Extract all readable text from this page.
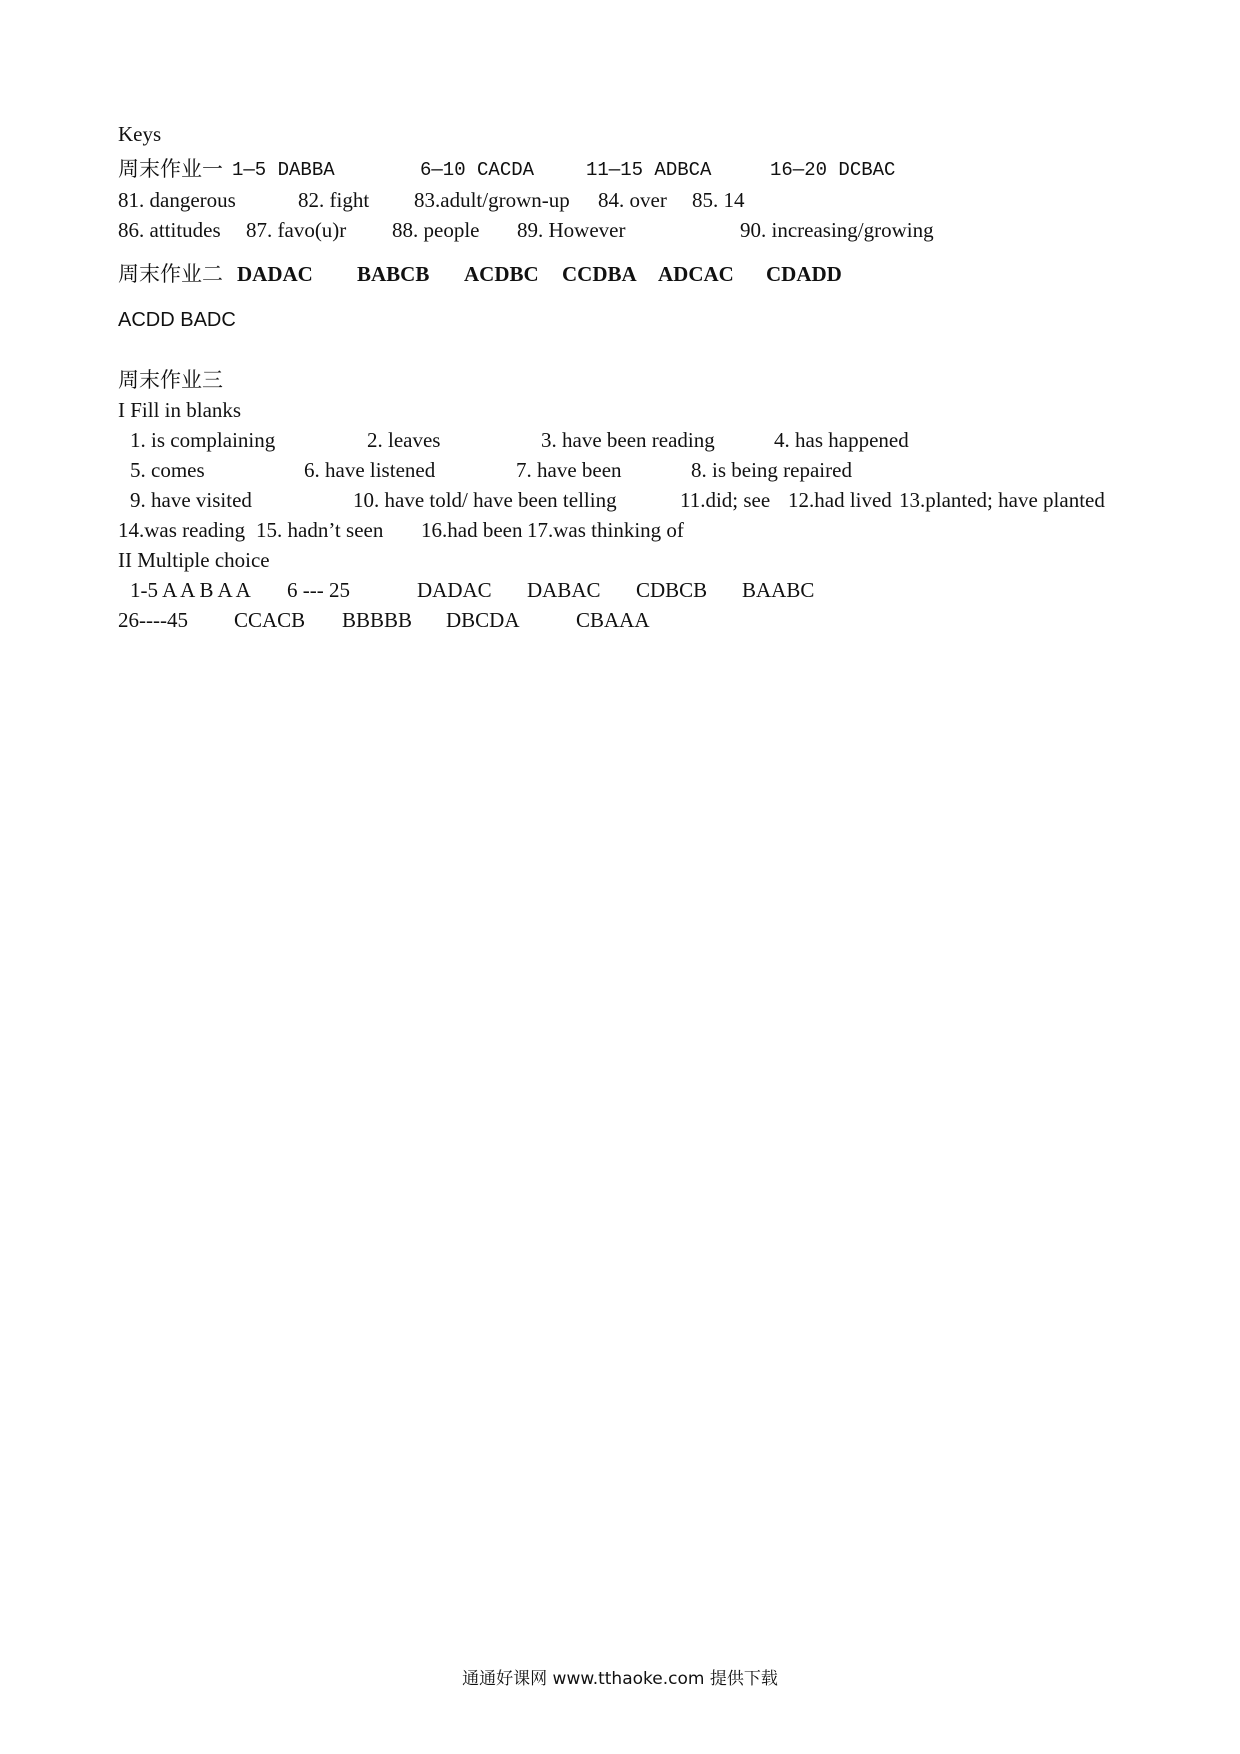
Keys
周末作业一 1—5 DABBA	6—10 CACDA	11—15 ADBCA	16—20 DCBAC
81. dangerous	82. fight 83.adult/grown-up 84. over 85. 14
86. attitudes 87. favo(u)r 88. people 89. However	90. increasing/growing
周末作业二 DADAC BABCB ACDBC CCDBA ADCAC CDADD
ACDD BADC
周末作业三
I Fill in blanks
1. is complaining	2. leaves	3. have been reading	4. has happened
5. comes	6. have listened	7. have been	8. is being repaired
9. have visited	10. have told/ have been telling	11.did; see 12.had lived 13.planted; have planted
14.was reading 15. hadn’t seen 16.had been 17.was thinking of
II Multiple choice
1-5 A A B A A 6 --- 25	DADAC DABAC CDBCB BAABC
26----45 CCACB BBBBB DBCDA	CBAAA
通通好课网 www.tthaoke.com 提供下载
